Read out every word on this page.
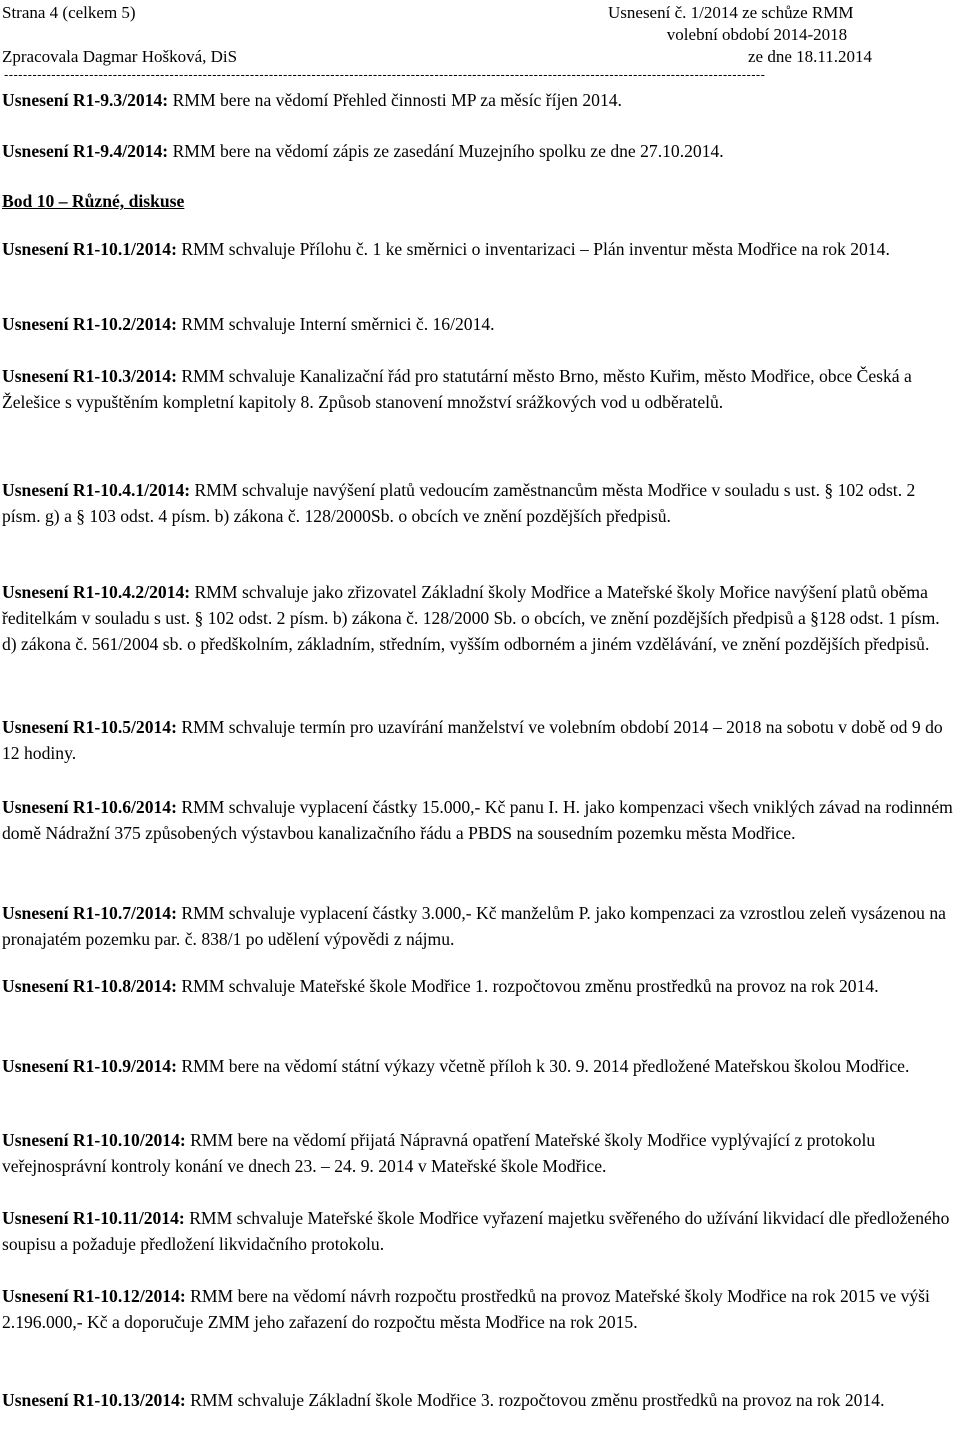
Strana 4 (celkem 5)	Usnesení č. 1/2014 ze schůze RMM
volební období 2014-2018
Zpracovala Dagmar Hošková, DiS	ze dne 18.11.2014
-----------------------------------------------------------------------------------------------------------------------------------------------------------------
Usnesení R1-9.3/2014: RMM bere na vědomí Přehled činnosti MP za měsíc říjen 2014.
Usnesení R1-9.4/2014: RMM bere na vědomí zápis ze zasedání Muzejního spolku ze dne 27.10.2014.
Bod 10 – Různé, diskuse
Usnesení R1-10.1/2014: RMM schvaluje Přílohu č. 1 ke směrnici o inventarizaci – Plán inventur města Modřice na rok 2014.
Usnesení R1-10.2/2014: RMM schvaluje Interní směrnici č. 16/2014.
Usnesení R1-10.3/2014: RMM schvaluje Kanalizační řád pro statutární město Brno, město Kuřim, město Modřice, obce Česká a Želešice s vypuštěním kompletní kapitoly 8. Způsob stanovení množství srážkových vod u odběratelů.
Usnesení R1-10.4.1/2014: RMM schvaluje navýšení platů vedoucím zaměstnancům města Modřice v souladu s ust. § 102 odst. 2 písm. g) a § 103 odst. 4 písm. b) zákona č. 128/2000Sb. o obcích ve znění pozdějších předpisů.
Usnesení R1-10.4.2/2014: RMM schvaluje jako zřizovatel Základní školy Modřice a Mateřské školy Mořice navýšení platů oběma ředitelkám v souladu s ust. § 102 odst. 2 písm. b) zákona č. 128/2000 Sb. o obcích, ve znění pozdějších předpisů a §128 odst. 1 písm. d) zákona č. 561/2004 sb. o předškolním, základním, středním, vyšším odborném a jiném vzdělávání, ve znění pozdějších předpisů.
Usnesení R1-10.5/2014: RMM schvaluje termín pro uzavírání manželství ve volebním období 2014 – 2018 na sobotu v době od 9 do 12 hodiny.
Usnesení R1-10.6/2014: RMM schvaluje vyplacení částky 15.000,- Kč panu I. H. jako kompenzaci všech vniklých závad na rodinném domě Nádražní 375 způsobených výstavbou kanalizačního řádu a PBDS na sousedním pozemku města Modřice.
Usnesení R1-10.7/2014: RMM schvaluje vyplacení částky 3.000,- Kč manželům P. jako kompenzaci za vzrostlou zeleň vysázenou na pronajatém pozemku par. č. 838/1 po udělení výpovědi z nájmu.
Usnesení R1-10.8/2014: RMM schvaluje Mateřské škole Modřice 1. rozpočtovou změnu prostředků na provoz na rok 2014.
Usnesení R1-10.9/2014: RMM bere na vědomí státní výkazy včetně příloh k 30. 9. 2014 předložené Mateřskou školou Modřice.
Usnesení R1-10.10/2014: RMM bere na vědomí přijatá Nápravná opatření Mateřské školy Modřice vyplývající z protokolu veřejnosprávní kontroly konání ve dnech 23. – 24. 9. 2014 v Mateřské škole Modřice.
Usnesení R1-10.11/2014: RMM schvaluje Mateřské škole Modřice vyřazení majetku svěřeného do užívání likvidací dle předloženého soupisu a požaduje předložení likvidačního protokolu.
Usnesení R1-10.12/2014: RMM bere na vědomí návrh rozpočtu prostředků na provoz Mateřské školy Modřice na rok 2015 ve výši 2.196.000,- Kč a doporučuje ZMM jeho zařazení do rozpočtu města Modřice na rok 2015.
Usnesení R1-10.13/2014: RMM schvaluje Základní škole Modřice 3. rozpočtovou změnu prostředků na provoz na rok 2014.
